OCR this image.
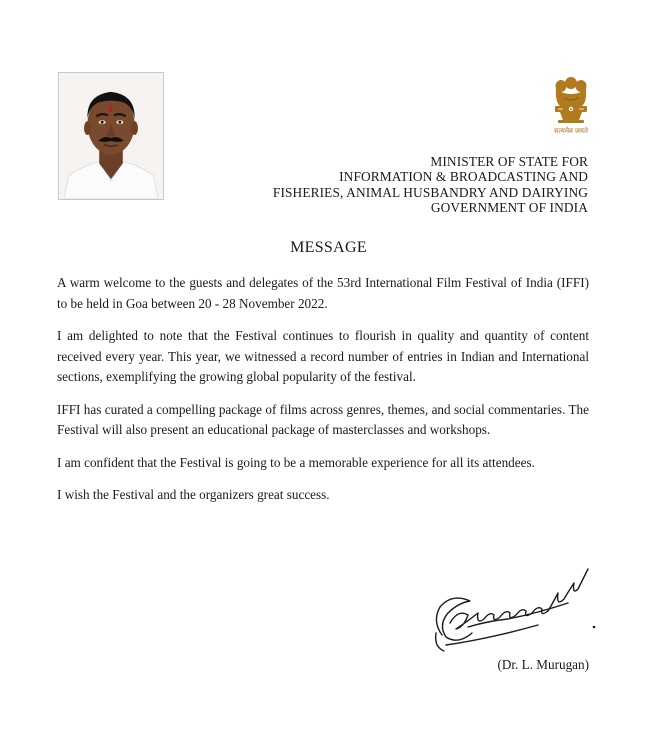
सत्यमेव जयते
MINISTER OF STATE FOR
INFORMATION & BROADCASTING AND
FISHERIES, ANIMAL HUSBANDRY AND DAIRYING
GOVERNMENT OF INDIA
MESSAGE

A warm welcome to the guests and delegates of the 53rd International Film Festival of India (IFFI) to be held in Goa between 20 - 28 November 2022.

I am delighted to note that the Festival continues to flourish in quality and quantity of content received every year. This year, we witnessed a record number of entries in Indian and International sections, exemplifying the growing global popularity of the festival.

IFFI has curated a compelling package of films across genres, themes, and social commentaries. The Festival will also present an educational package of masterclasses and workshops.

I am confident that the Festival is going to be a memorable experience for all its attendees.

I wish the Festival and the organizers great success.

(Dr. L. Murugan)
